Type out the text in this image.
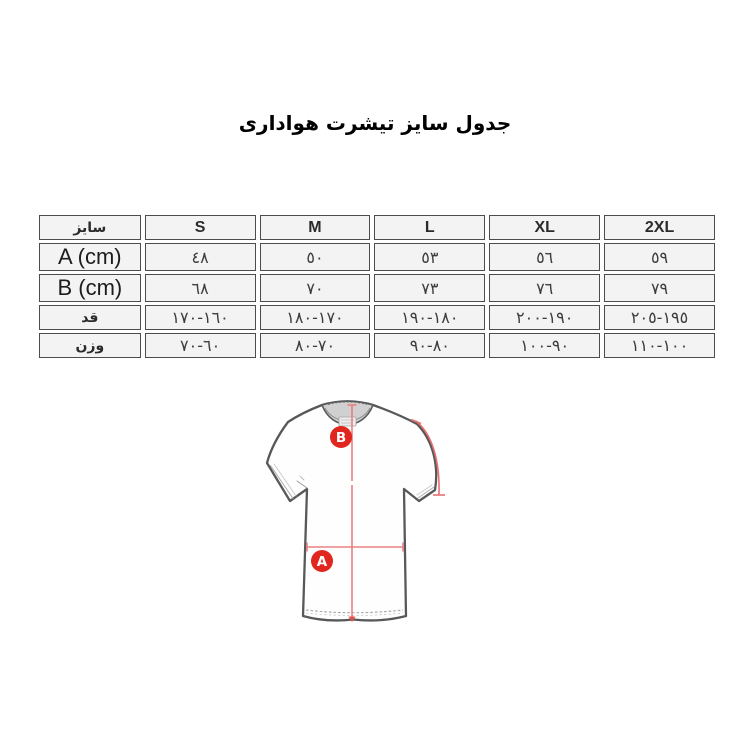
جدول سایز تیشرت هواداری
سایز	S	M	L	XL	2XL
A (cm)	٤٨	٥٠	٥٣	٥٦	٥٩
B (cm)	٦٨	٧٠	٧٣	٧٦	٧٩
قد	١٦٠-١٧٠	١٧٠-١٨٠	١٨٠-١٩٠	١٩٠-٢٠٠	١٩٥-٢٠٥
وزن	٦٠-٧٠	٧٠-٨٠	٨٠-٩٠	٩٠-١٠٠	١٠٠-١١٠
B
A
